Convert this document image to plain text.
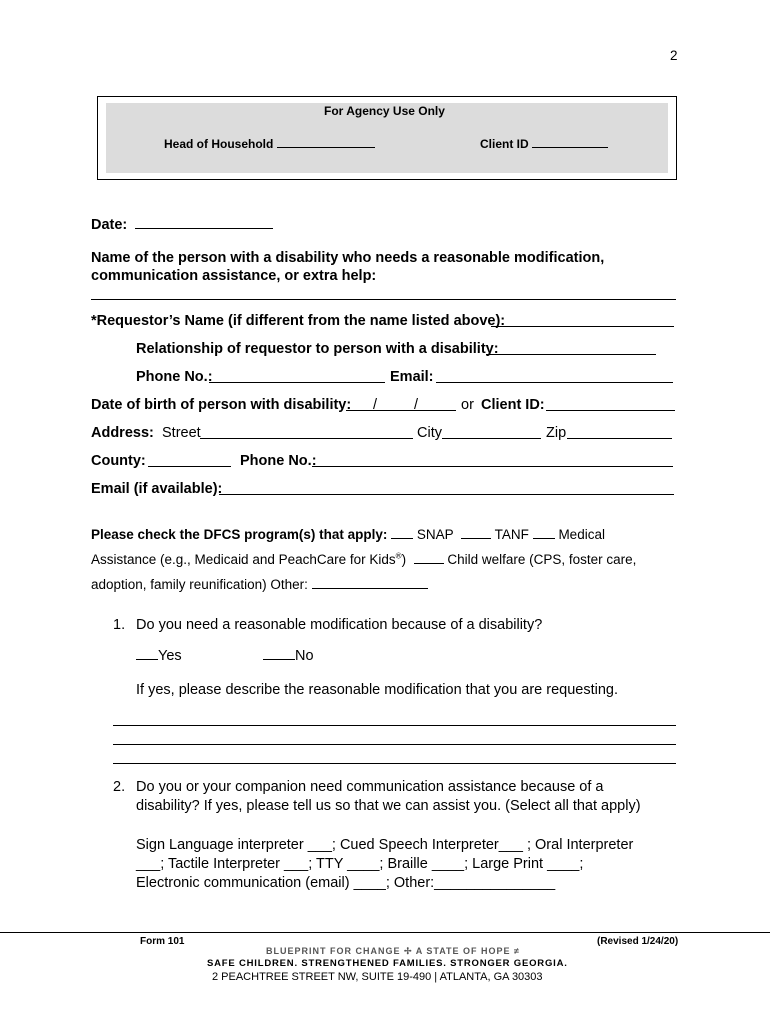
2
For Agency Use Only
Head of Household	Client ID
Date:
Name of the person with a disability who needs a reasonable modification,
communication assistance, or extra help:
*Requestor’s Name (if different from the name listed above):
Relationship of requestor to person with a disability:
Phone No.:	Email:
Date of birth of person with disability: /	/	or Client ID:
Address: Street	City	Zip
County:	Phone No.:
Email (if available):
Please check the DFCS program(s) that apply: SNAP	TANF Medical
Assistance (e.g., Medicaid and PeachCare for Kids®)	Child welfare (CPS, foster care,
adoption, family reunification) Other:
1. Do you need a reasonable modification because of a disability?
Yes	No
If yes, please describe the reasonable modification that you are requesting.
2. Do you or your companion need communication assistance because of a
disability? If yes, please tell us so that we can assist you. (Select all that apply)
Sign Language interpreter ___; Cued Speech Interpreter___ ; Oral Interpreter
___; Tactile Interpreter ___; TTY ____; Braille ____; Large Print ____;
Electronic communication (email) ____; Other:_______________
Form 101	(Revised 1/24/20)
BLUEPRINT FOR CHANGE ✢ A STATE OF HOPE ≠
SAFE CHILDREN. STRENGTHENED FAMILIES. STRONGER GEORGIA.
2 PEACHTREE STREET NW, SUITE 19-490 | ATLANTA, GA 30303
